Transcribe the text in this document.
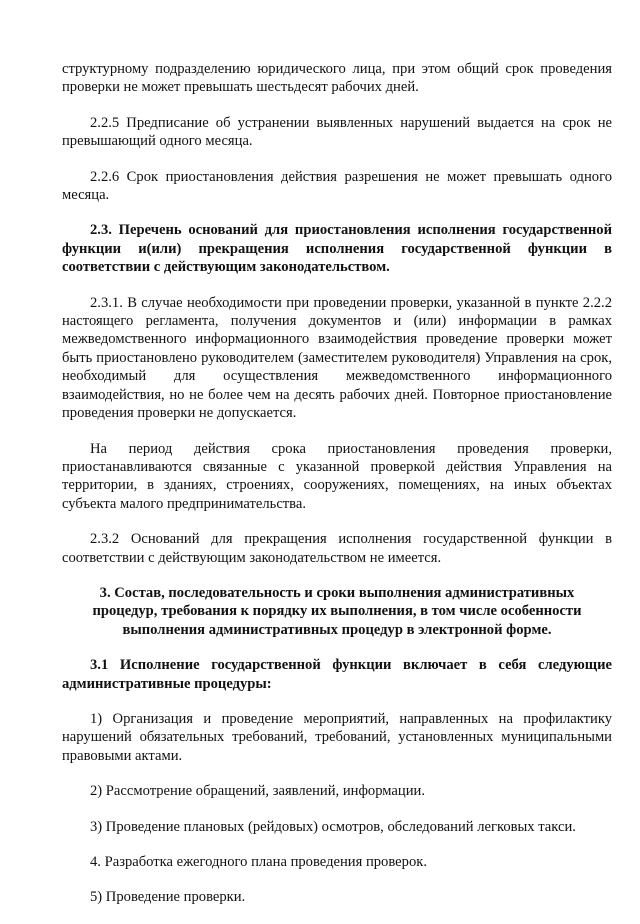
структурному подразделению юридического лица, при этом общий срок проведения проверки не может превышать шестьдесят рабочих дней.

2.2.5 Предписание об устранении выявленных нарушений выдается на срок не превышающий одного месяца.

2.2.6 Срок приостановления действия разрешения не может превышать одного месяца.

2.3. Перечень оснований для приостановления исполнения государственной функции и(или) прекращения исполнения государственной функции в соответствии с действующим законодательством.

2.3.1. В случае необходимости при проведении проверки, указанной в пункте 2.2.2 настоящего регламента, получения документов и (или) информации в рамках межведомственного информационного взаимодействия проведение проверки может быть приостановлено руководителем (заместителем руководителя) Управления на срок, необходимый для осуществления межведомственного информационного взаимодействия, но не более чем на десять рабочих дней. Повторное приостановление проведения проверки не допускается.

На период действия срока приостановления проведения проверки, приостанавливаются связанные с указанной проверкой действия Управления на территории, в зданиях, строениях, сооружениях, помещениях, на иных объектах субъекта малого предпринимательства.

2.3.2 Оснований для прекращения исполнения государственной функции в соответствии с действующим законодательством не имеется.

3. Состав, последовательность и сроки выполнения административных процедур, требования к порядку их выполнения, в том числе особенности выполнения административных процедур в электронной форме.

3.1 Исполнение государственной функции включает в себя следующие административные процедуры:

1) Организация и проведение мероприятий, направленных на профилактику нарушений обязательных требований, требований, установленных муниципальными правовыми актами.

2) Рассмотрение обращений, заявлений, информации.

3) Проведение плановых (рейдовых) осмотров, обследований легковых такси.

4. Разработка ежегодного плана проведения проверок.

5) Проведение проверки.
